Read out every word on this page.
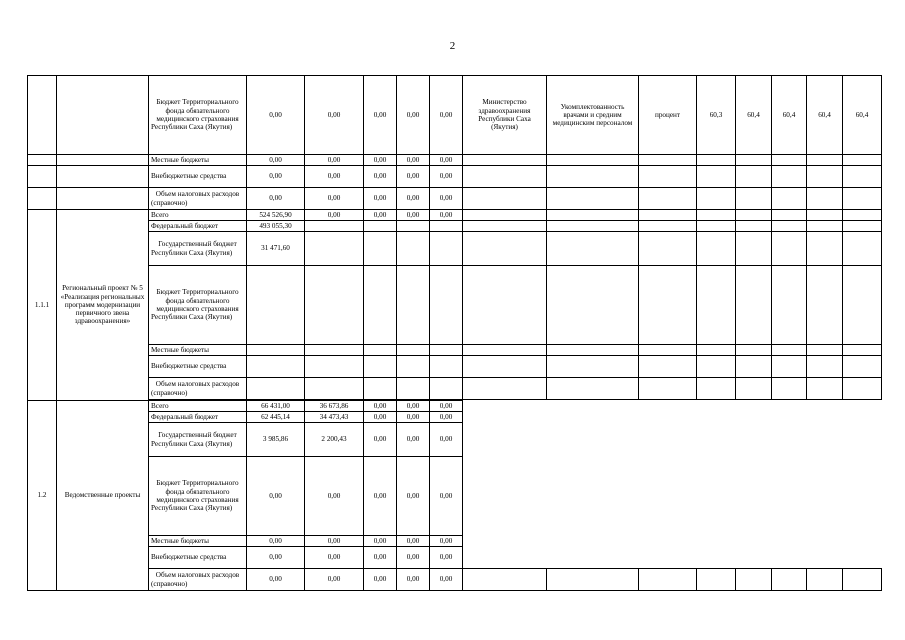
2
		Бюджет Территориального фонда обязательного медицинского страхования Республики Саха (Якутия)	0,00	0,00	0,00	0,00	0,00	Министерство здравоохранения Республики Саха (Якутия)	Укомплектованность врачами и средним медицинским персоналом	процент	60,3	60,4	60,4	60,4	60,4
		Местные бюджеты	0,00	0,00	0,00	0,00	0,00								
		Внебюджетные средства	0,00	0,00	0,00	0,00	0,00								
		Объем налоговых расходов (справочно)	0,00	0,00	0,00	0,00	0,00								
1.1.1	Региональный проект № 5 «Реализация региональных программ модернизации первичного звена здравоохранения»	Всего	524 526,90	0,00	0,00	0,00	0,00								
		Федеральный бюджет	493 055,30												
		Государственный бюджет Республики Саха (Якутия)	31 471,60												
		Бюджет Территориального фонда обязательного медицинского страхования Республики Саха (Якутия)													
		Местные бюджеты													
		Внебюджетные средства													
		Объем налоговых расходов (справочно)													

1.2	Ведомственные проекты	Всего	66 431,00	36 673,86	0,00	0,00	0,00								
		Федеральный бюджет	62 445,14	34 473,43	0,00	0,00	0,00								
		Государственный бюджет Республики Саха (Якутия)	3 985,86	2 200,43	0,00	0,00	0,00								
		Бюджет Территориального фонда обязательного медицинского страхования Республики Саха (Якутия)	0,00	0,00	0,00	0,00	0,00								
		Местные бюджеты	0,00	0,00	0,00	0,00	0,00								
		Внебюджетные средства	0,00	0,00	0,00	0,00	0,00								
		Объем налоговых расходов (справочно)	0,00	0,00	0,00	0,00	0,00								
